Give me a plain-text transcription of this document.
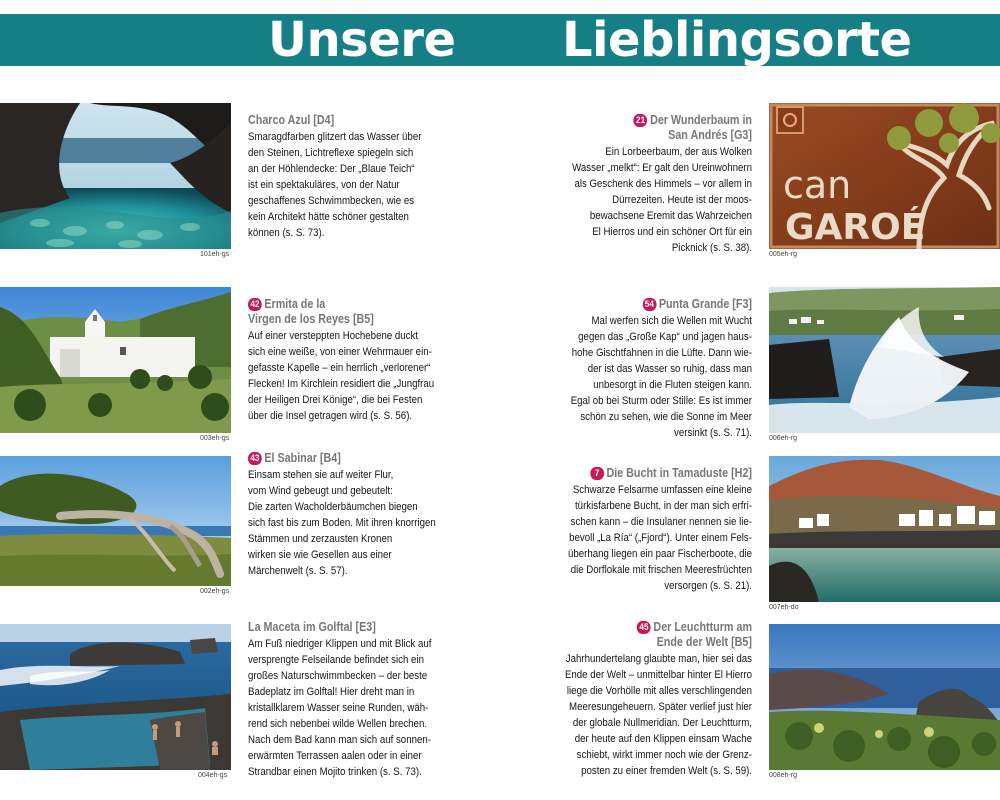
Unsere Lieblingsorte
101eh-gs
003eh-gs
002eh-gs
004eh-gs
can
GAROÉ
005eh-rg
006eh-rg
007eh-do
008eh-rg
Charco Azul [D4]
Smaragdfarben glitzert das Wasser über
den Steinen, Lichtreflexe spiegeln sich
an der Höhlendecke: Der „Blaue Teich“
ist ein spektakuläres, von der Natur
geschaffenes Schwimmbecken, wie es
kein Architekt hätte schöner gestalten
können (s. S. 73).
42 Ermita de la
Virgen de los Reyes [B5]
Auf einer versteppten Hochebene duckt
sich eine weiße, von einer Wehrmauer ein-
gefasste Kapelle – ein herrlich „verlorener“
Flecken! Im Kirchlein residiert die „Jungfrau
der Heiligen Drei Könige“, die bei Festen
über die Insel getragen wird (s. S. 56).
43 El Sabinar [B4]
Einsam stehen sie auf weiter Flur,
vom Wind gebeugt und gebeutelt:
Die zarten Wacholderbäumchen biegen
sich fast bis zum Boden. Mit ihren knorrigen
Stämmen und zerzausten Kronen
wirken sie wie Gesellen aus einer
Märchenwelt (s. S. 57).
La Maceta im Golftal [E3]
Am Fuß niedriger Klippen und mit Blick auf
versprengte Felseilande befindet sich ein
großes Naturschwimmbecken – der beste
Badeplatz im Golftal! Hier dreht man in
kristallklarem Wasser seine Runden, wäh-
rend sich nebenbei wilde Wellen brechen.
Nach dem Bad kann man sich auf sonnen-
erwärmten Terrassen aalen oder in einer
Strandbar einen Mojito trinken (s. S. 73).
21 Der Wunderbaum in
San Andrés [G3]
Ein Lorbeerbaum, der aus Wolken
Wasser „melkt“: Er galt den Ureinwohnern
als Geschenk des Himmels – vor allem in
Dürrezeiten. Heute ist der moos-
bewachsene Eremit das Wahrzeichen
El Hierros und ein schöner Ort für ein
Picknick (s. S. 38).
54 Punta Grande [F3]
Mal werfen sich die Wellen mit Wucht
gegen das „Große Kap“ und jagen haus-
hohe Gischtfahnen in die Lüfte. Dann wie-
der ist das Wasser so ruhig, dass man
unbesorgt in die Fluten steigen kann.
Egal ob bei Sturm oder Stille: Es ist immer
schön zu sehen, wie die Sonne im Meer
versinkt (s. S. 71).
7 Die Bucht in Tamaduste [H2]
Schwarze Felsarme umfassen eine kleine
türkisfarbene Bucht, in der man sich erfri-
schen kann – die Insulaner nennen sie lie-
bevoll „La Ría“ („Fjord“). Unter einem Fels-
überhang liegen ein paar Fischerboote, die
die Dorflokale mit frischen Meeresfrüchten
versorgen (s. S. 21).
45 Der Leuchtturm am
Ende der Welt [B5]
Jahrhundertelang glaubte man, hier sei das
Ende der Welt – unmittelbar hinter El Hierro
liege die Vorhölle mit alles verschlingenden
Meeresungeheuern. Später verlief just hier
der globale Nullmeridian. Der Leuchtturm,
der heute auf den Klippen einsam Wache
schiebt, wirkt immer noch wie der Grenz-
posten zu einer fremden Welt (s. S. 59).
